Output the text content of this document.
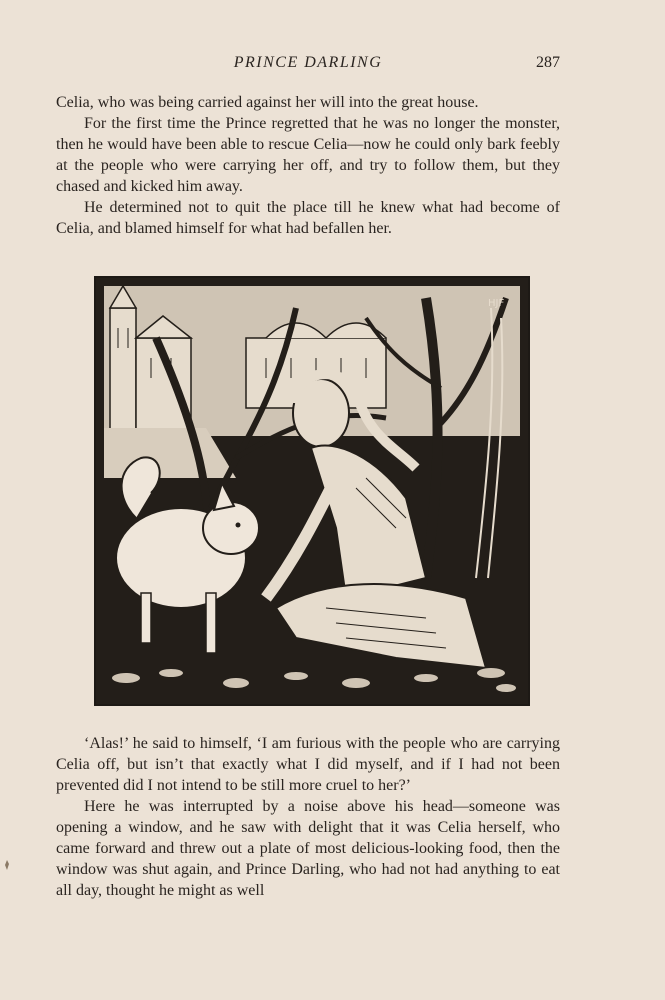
PRINCE DARLING	287

Celia, who was being carried against her will into the great house.

For the first time the Prince regretted that he was no longer the monster, then he would have been able to rescue Celia—now he could only bark feebly at the people who were carrying her off, and try to follow them, but they chased and kicked him away.

He determined not to quit the place till he knew what had become of Celia, and blamed himself for what had befallen her.

HJF

‘Alas!’ he said to himself, ‘I am furious with the people who are carrying Celia off, but isn’t that exactly what I did myself, and if I had not been prevented did I not intend to be still more cruel to her?’

Here he was interrupted by a noise above his head—someone was opening a window, and he saw with delight that it was Celia herself, who came forward and threw out a plate of most delicious-looking food, then the window was shut again, and Prince Darling, who had not had anything to eat all day, thought he might as well
